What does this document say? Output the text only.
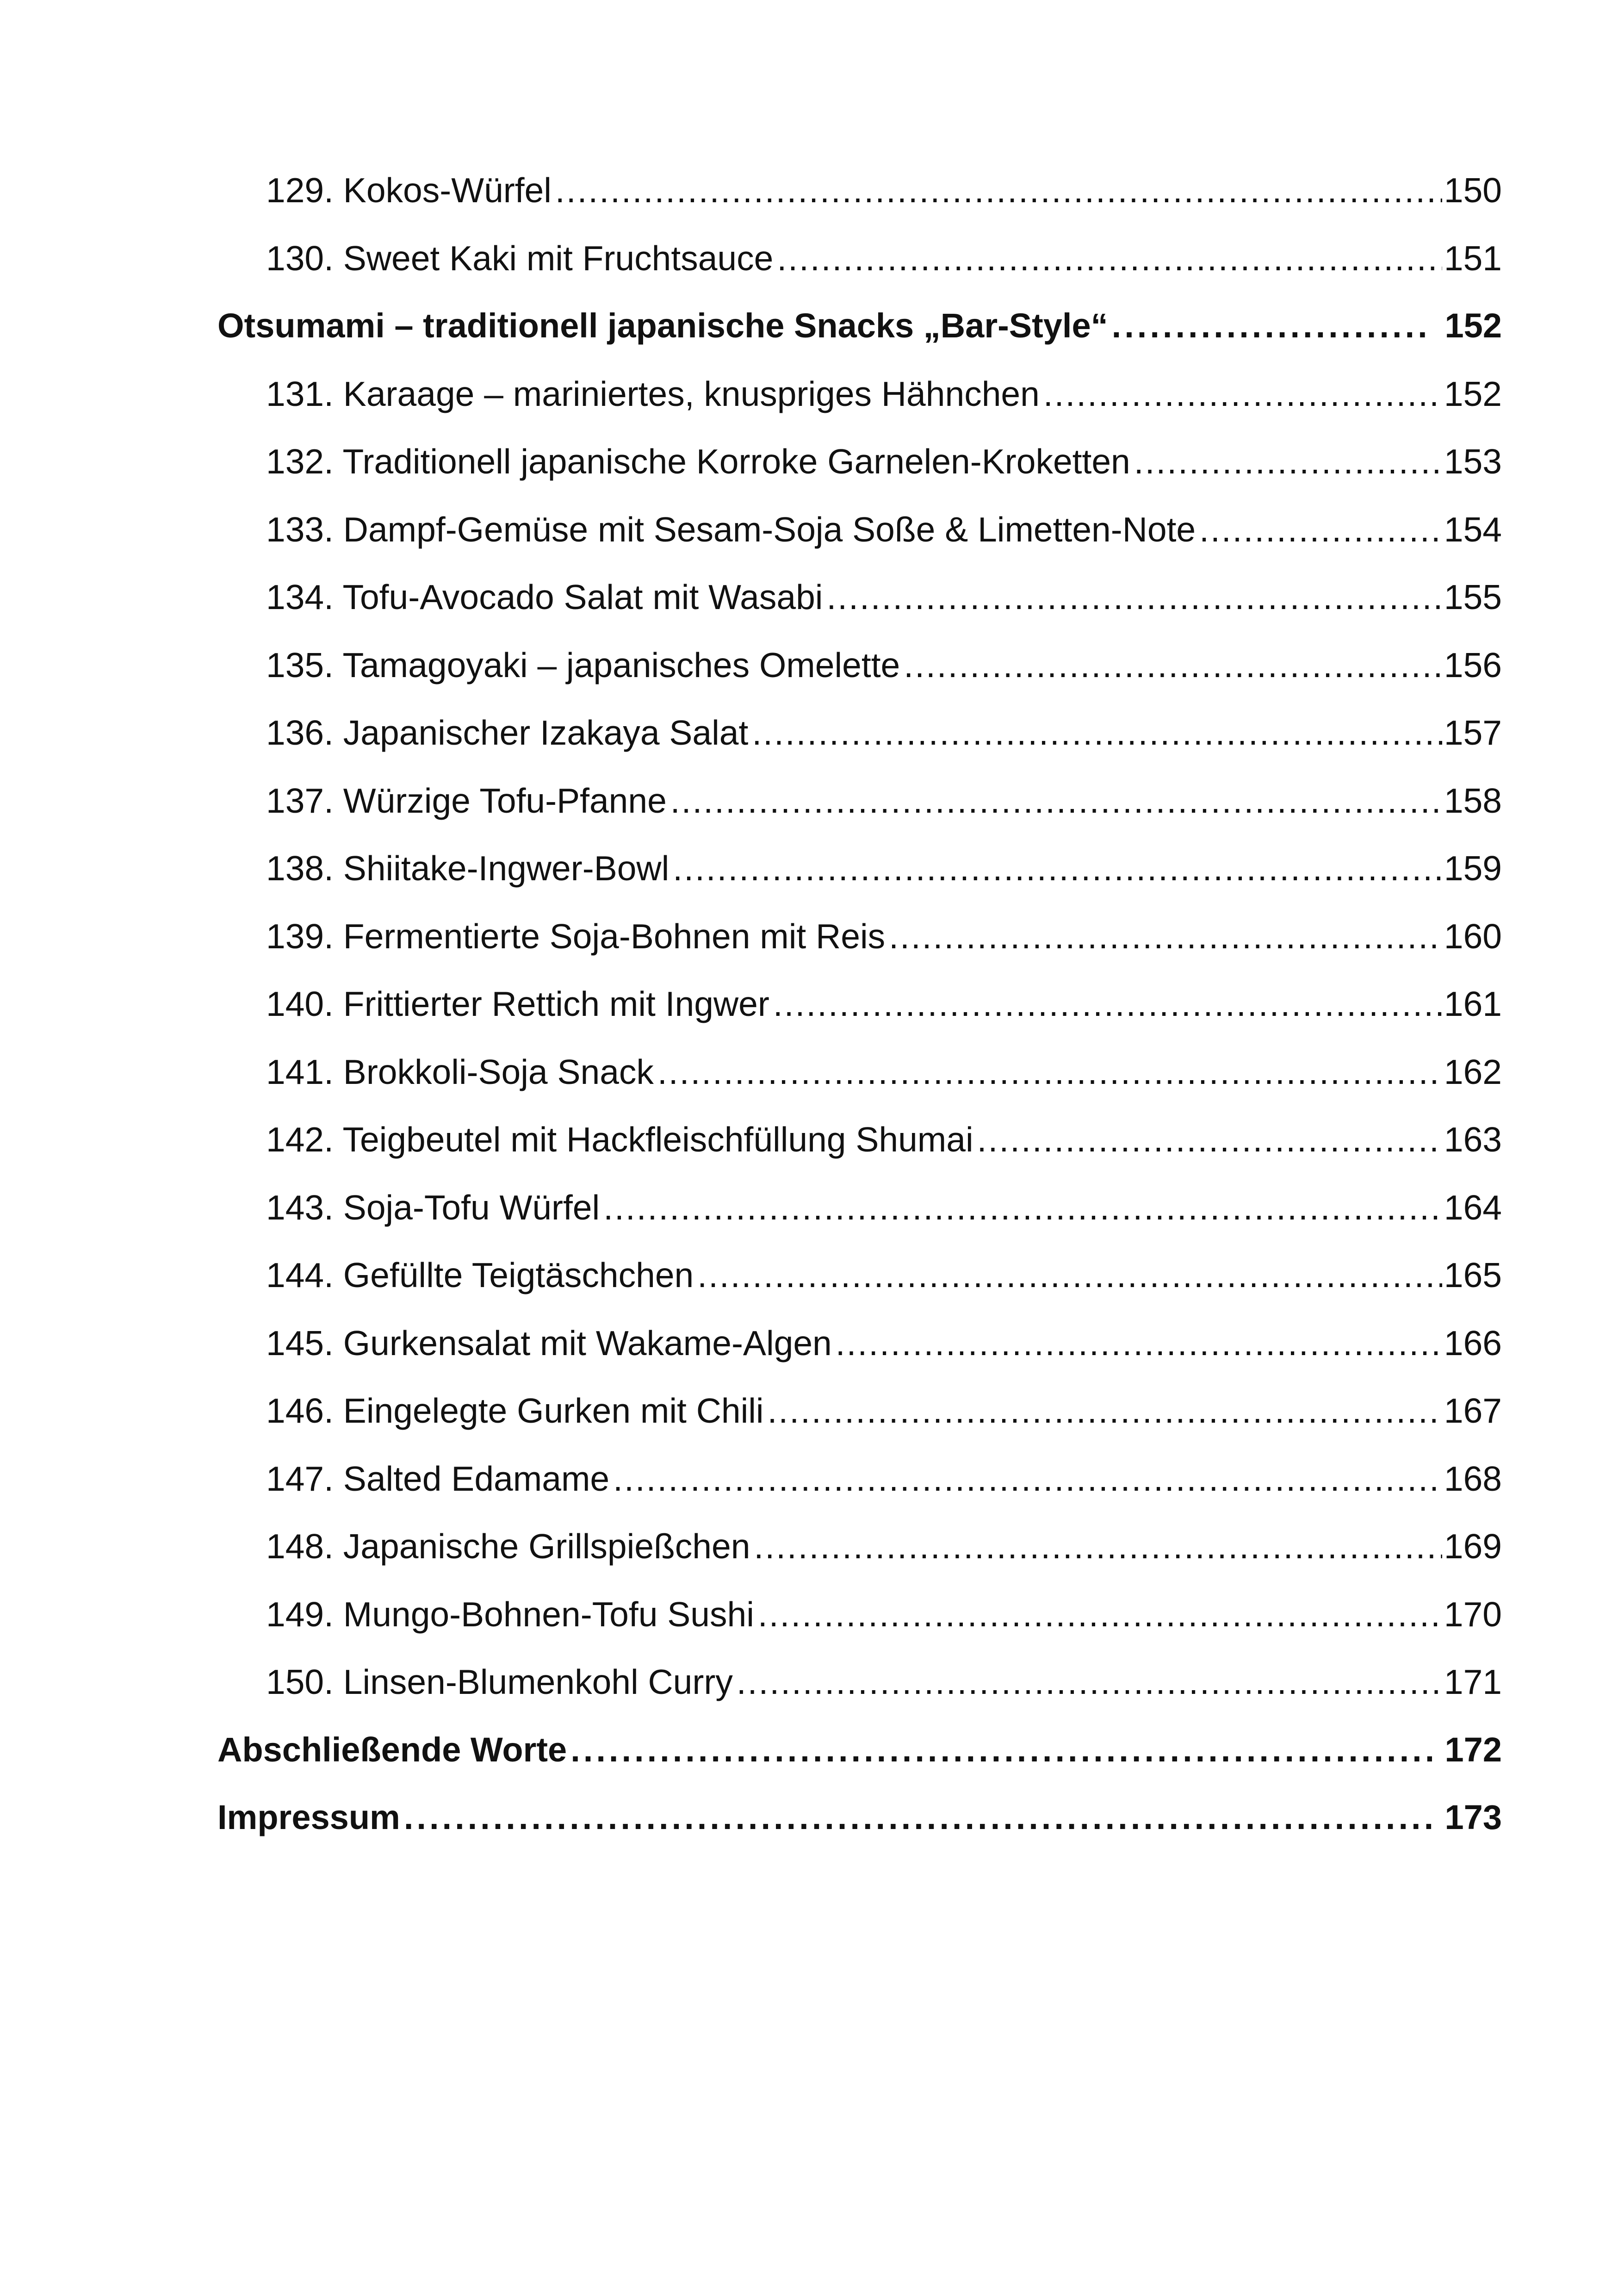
129. Kokos-Würfel .....	150
130. Sweet Kaki mit Fruchtsauce .....	151
Otsumami – traditionell japanische Snacks „Bar-Style“ .....	152
131. Karaage – mariniertes, knuspriges Hähnchen .....	152
132. Traditionell japanische Korroke Garnelen-Kroketten .....	153
133. Dampf-Gemüse mit Sesam-Soja Soße & Limetten-Note .....	154
134. Tofu-Avocado Salat mit Wasabi .....	155
135. Tamagoyaki – japanisches Omelette .....	156
136. Japanischer Izakaya Salat .....	157
137. Würzige Tofu-Pfanne .....	158
138. Shiitake-Ingwer-Bowl .....	159
139. Fermentierte Soja-Bohnen mit Reis .....	160
140. Frittierter Rettich mit Ingwer .....	161
141. Brokkoli-Soja Snack .....	162
142. Teigbeutel mit Hackfleischfüllung Shumai .....	163
143. Soja-Tofu Würfel .....	164
144. Gefüllte Teigtäschchen .....	165
145. Gurkensalat mit Wakame-Algen .....	166
146. Eingelegte Gurken mit Chili .....	167
147. Salted Edamame .....	168
148. Japanische Grillspießchen .....	169
149. Mungo-Bohnen-Tofu Sushi .....	170
150. Linsen-Blumenkohl Curry .....	171
Abschließende Worte .....	172
Impressum .....	173
